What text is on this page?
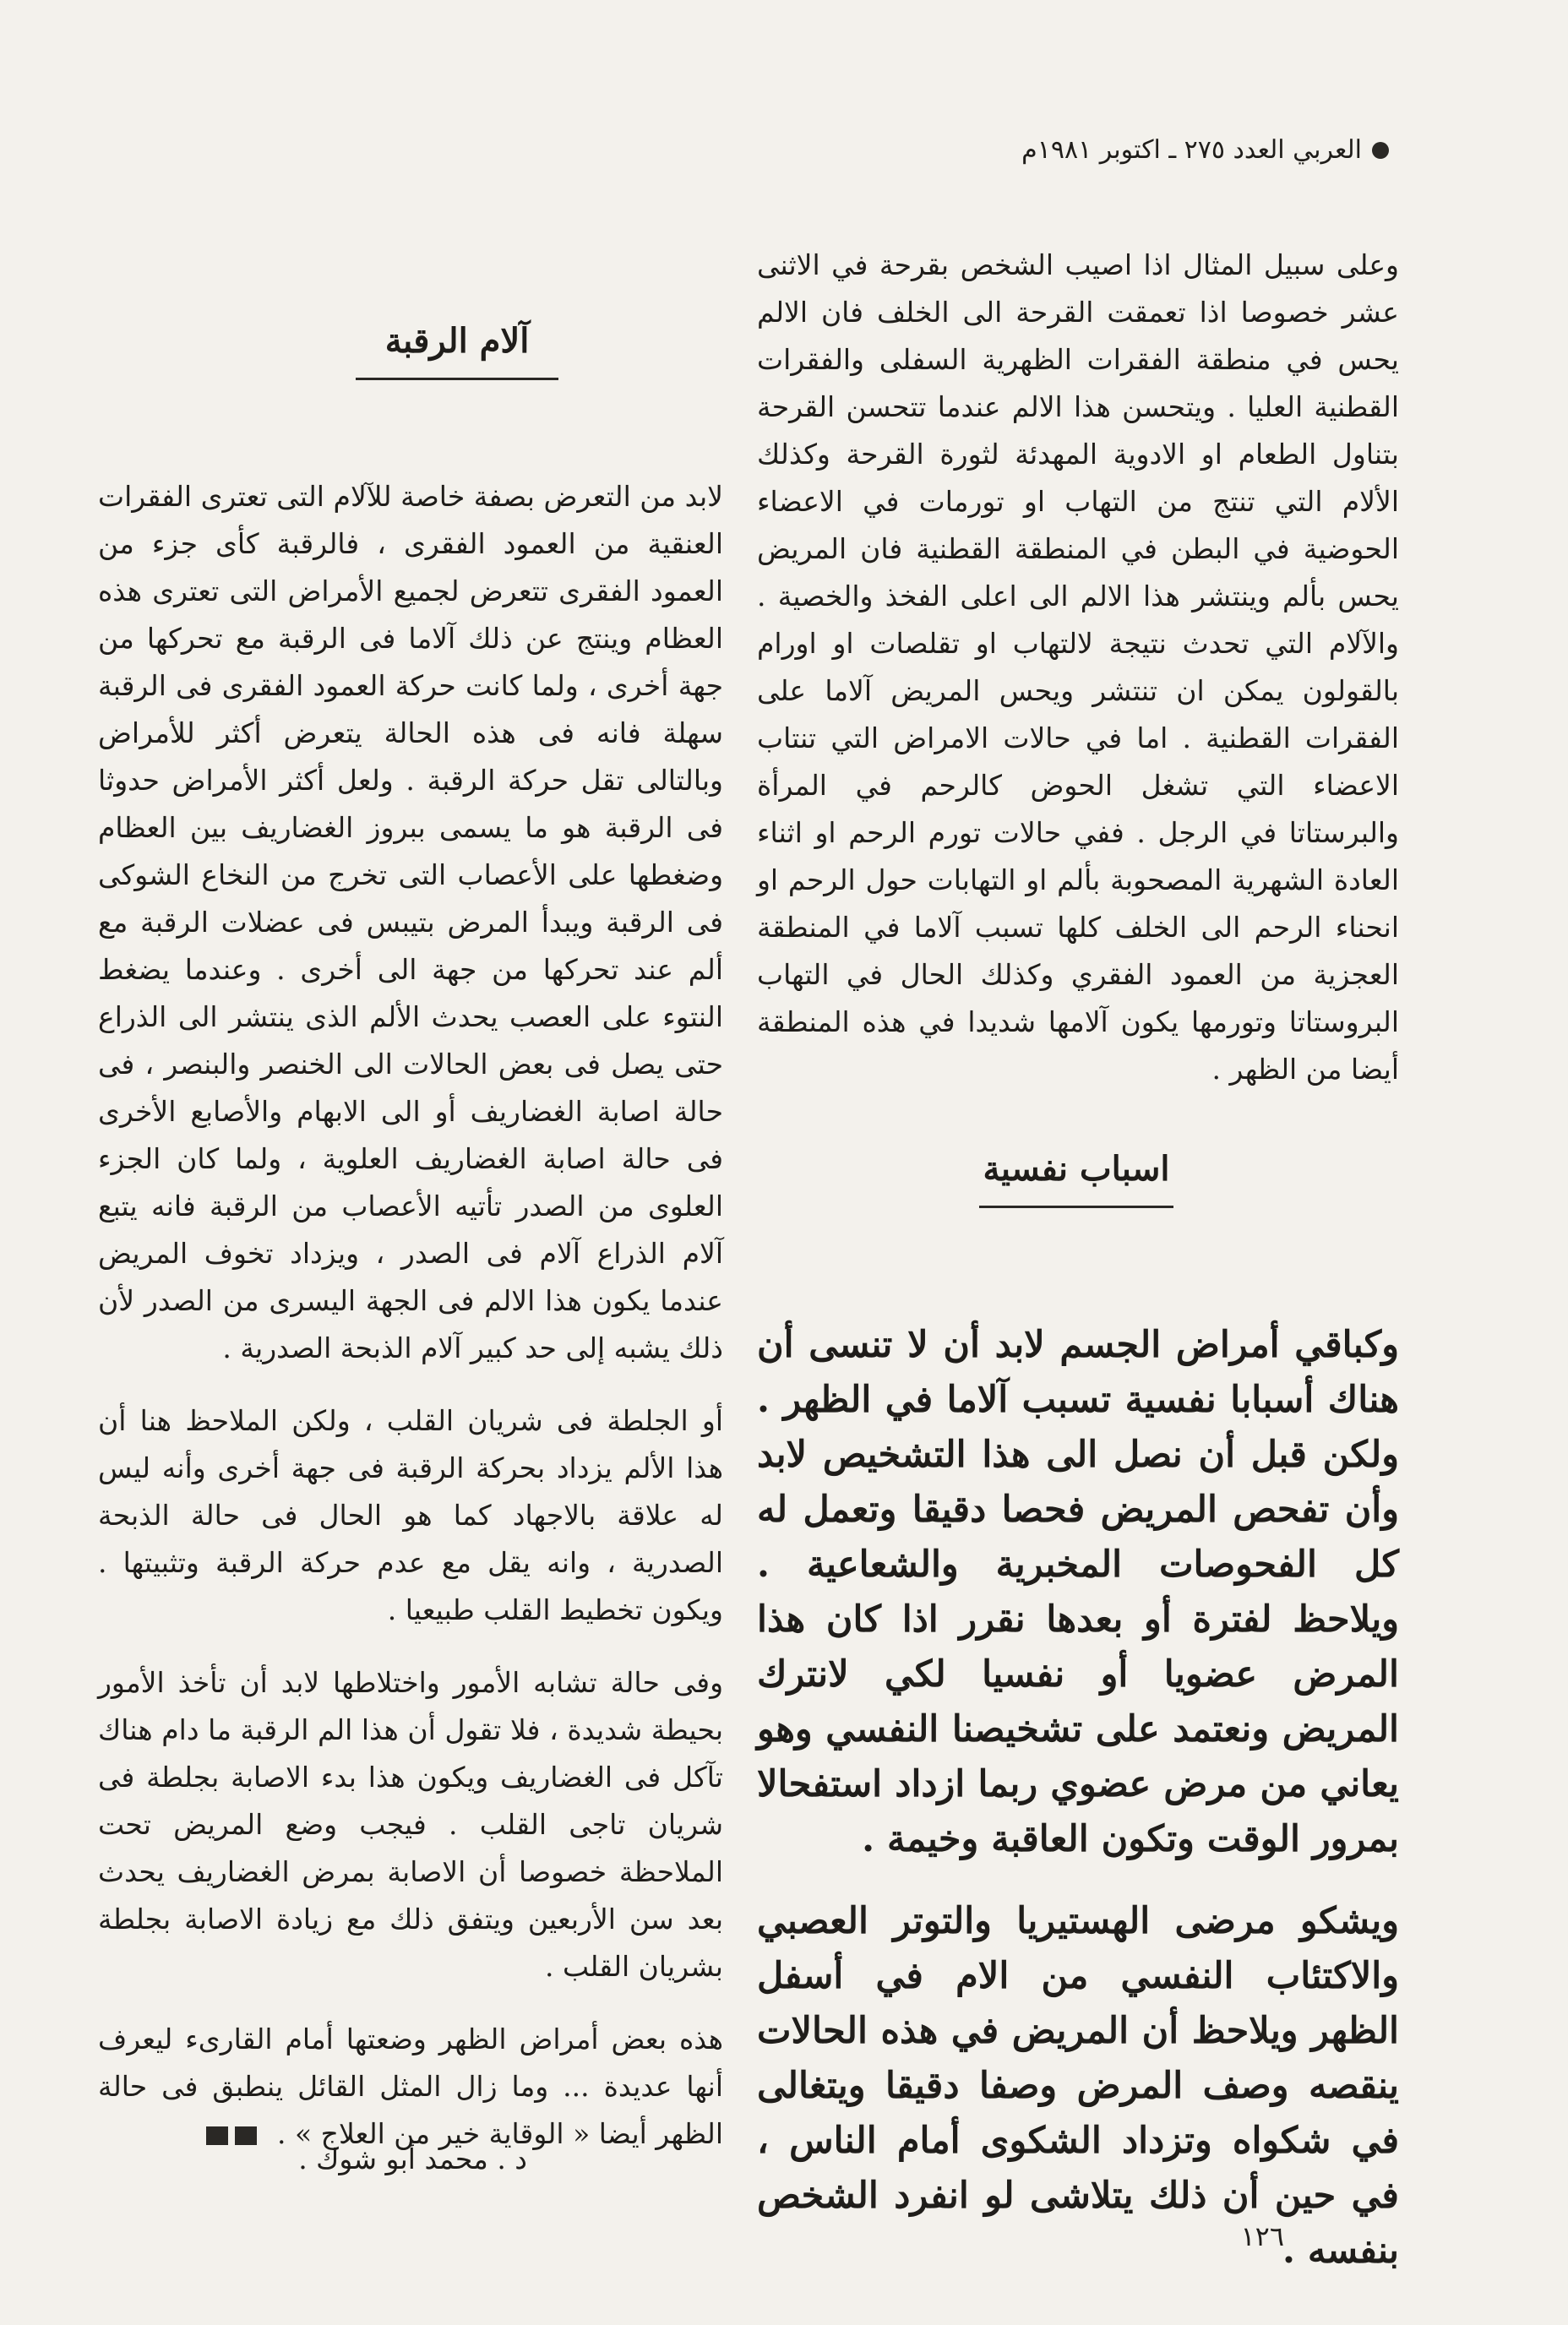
العربي العدد ٢٧٥ ـ اكتوبر ١٩٨١م

وعلى سبيل المثال اذا اصيب الشخص بقرحة في الاثنى عشر خصوصا اذا تعمقت القرحة الى الخلف فان الالم يحس في منطقة الفقرات الظهرية السفلى والفقرات القطنية العليا . ويتحسن هذا الالم عندما تتحسن القرحة بتناول الطعام او الادوية المهدئة لثورة القرحة وكذلك الألام التي تنتج من التهاب او تورمات في الاعضاء الحوضية في البطن في المنطقة القطنية فان المريض يحس بألم وينتشر هذا الالم الى اعلى الفخذ والخصية . والآلام التي تحدث نتيجة لالتهاب او تقلصات او اورام بالقولون يمكن ان تنتشر ويحس المريض آلاما على الفقرات القطنية . اما في حالات الامراض التي تنتاب الاعضاء التي تشغل الحوض كالرحم في المرأة والبرستاتا في الرجل . ففي حالات تورم الرحم او اثناء العادة الشهرية المصحوبة بألم او التهابات حول الرحم او انحناء الرحم الى الخلف كلها تسبب آلاما في المنطقة العجزية من العمود الفقري وكذلك الحال في التهاب البروستاتا وتورمها يكون آلامها شديدا في هذه المنطقة أيضا من الظهر .

اسباب نفسية

وكباقي أمراض الجسم لابد أن لا تنسى أن هناك أسبابا نفسية تسبب آلاما في الظهر . ولكن قبل أن نصل الى هذا التشخيص لابد وأن تفحص المريض فحصا دقيقا وتعمل له كل الفحوصات المخبرية والشعاعية . ويلاحظ لفترة أو بعدها نقرر اذا كان هذا المرض عضويا أو نفسيا لكي لانترك المريض ونعتمد على تشخيصنا النفسي وهو يعاني من مرض عضوي ربما ازداد استفحالا بمرور الوقت وتكون العاقبة وخيمة .

ويشكو مرضى الهستيريا والتوتر العصبي والاكتئاب النفسي من الام في أسفل الظهر ويلاحظ أن المريض في هذه الحالات ينقصه وصف المرض وصفا دقيقا ويتغالى في شكواه وتزداد الشكوى أمام الناس ، في حين أن ذلك يتلاشى لو انفرد الشخص بنفسه .

آلام الرقبة

لابد من التعرض بصفة خاصة للآلام التى تعترى الفقرات العنقية من العمود الفقرى ، فالرقبة كأى جزء من العمود الفقرى تتعرض لجميع الأمراض التى تعترى هذه العظام وينتج عن ذلك آلاما فى الرقبة مع تحركها من جهة أخرى ، ولما كانت حركة العمود الفقرى فى الرقبة سهلة فانه فى هذه الحالة يتعرض أكثر للأمراض وبالتالى تقل حركة الرقبة . ولعل أكثر الأمراض حدوثا فى الرقبة هو ما يسمى ببروز الغضاريف بين العظام وضغطها على الأعصاب التى تخرج من النخاع الشوكى فى الرقبة ويبدأ المرض بتيبس فى عضلات الرقبة مع ألم عند تحركها من جهة الى أخرى . وعندما يضغط النتوء على العصب يحدث الألم الذى ينتشر الى الذراع حتى يصل فى بعض الحالات الى الخنصر والبنصر ، فى حالة اصابة الغضاريف أو الى الابهام والأصابع الأخرى فى حالة اصابة الغضاريف العلوية ، ولما كان الجزء العلوى من الصدر تأتيه الأعصاب من الرقبة فانه يتبع آلام الذراع آلام فى الصدر ، ويزداد تخوف المريض عندما يكون هذا الالم فى الجهة اليسرى من الصدر لأن ذلك يشبه إلى حد كبير آلام الذبحة الصدرية .

أو الجلطة فى شريان القلب ، ولكن الملاحظ هنا أن هذا الألم يزداد بحركة الرقبة فى جهة أخرى وأنه ليس له علاقة بالاجهاد كما هو الحال فى حالة الذبحة الصدرية ، وانه يقل مع عدم حركة الرقبة وتثبيتها . ويكون تخطيط القلب طبيعيا .

وفى حالة تشابه الأمور واختلاطها لابد أن تأخذ الأمور بحيطة شديدة ، فلا تقول أن هذا الم الرقبة ما دام هناك تآكل فى الغضاريف ويكون هذا بدء الاصابة بجلطة فى شريان تاجى القلب . فيجب وضع المريض تحت الملاحظة خصوصا أن الاصابة بمرض الغضاريف يحدث بعد سن الأربعين ويتفق ذلك مع زيادة الاصابة بجلطة بشريان القلب .

هذه بعض أمراض الظهر وضعتها أمام القارىء ليعرف أنها عديدة ... وما زال المثل القائل ينطبق فى حالة الظهر أيضا « الوقاية خير من العلاج » .

د . محمد أبو شوك .
١٢٦
